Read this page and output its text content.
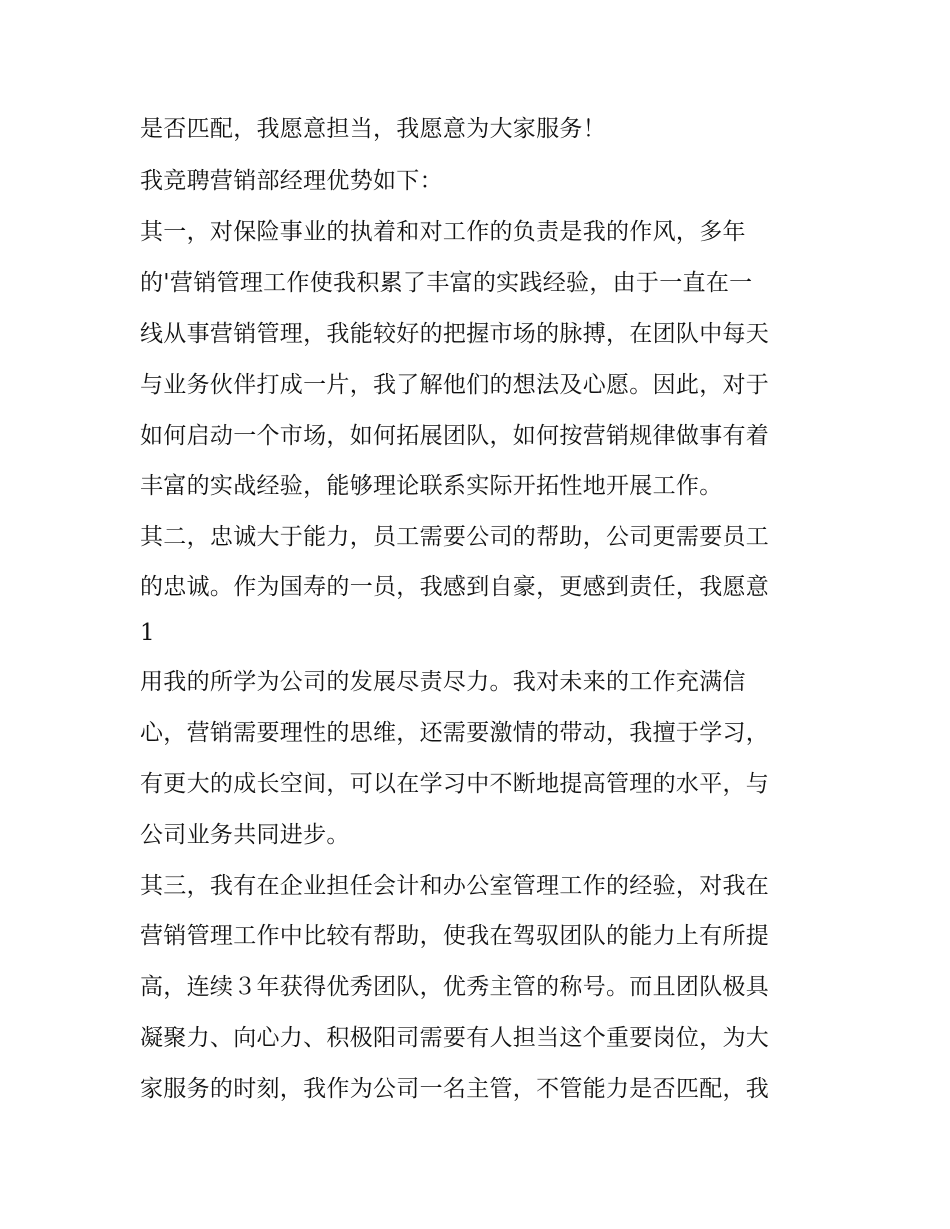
是否匹配，我愿意担当，我愿意为大家服务！
我竞聘营销部经理优势如下：
其一，对保险事业的执着和对工作的负责是我的作风，多年
的'营销管理工作使我积累了丰富的实践经验，由于一直在一
线从事营销管理，我能较好的把握市场的脉搏，在团队中每天
与业务伙伴打成一片，我了解他们的想法及心愿。因此，对于
如何启动一个市场，如何拓展团队，如何按营销规律做事有着
丰富的实战经验，能够理论联系实际开拓性地开展工作。
其二，忠诚大于能力，员工需要公司的帮助，公司更需要员工
的忠诚。作为国寿的一员，我感到自豪，更感到责任，我愿意
1
用我的所学为公司的发展尽责尽力。我对未来的工作充满信
心，营销需要理性的思维，还需要激情的带动，我擅于学习，
有更大的成长空间，可以在学习中不断地提高管理的水平，与
公司业务共同进步。
其三，我有在企业担任会计和办公室管理工作的经验，对我在
营销管理工作中比较有帮助，使我在驾驭团队的能力上有所提
高，连续３年获得优秀团队，优秀主管的称号。而且团队极具
凝聚力、向心力、积极阳司需要有人担当这个重要岗位，为大
家服务的时刻，我作为公司一名主管，不管能力是否匹配，我
